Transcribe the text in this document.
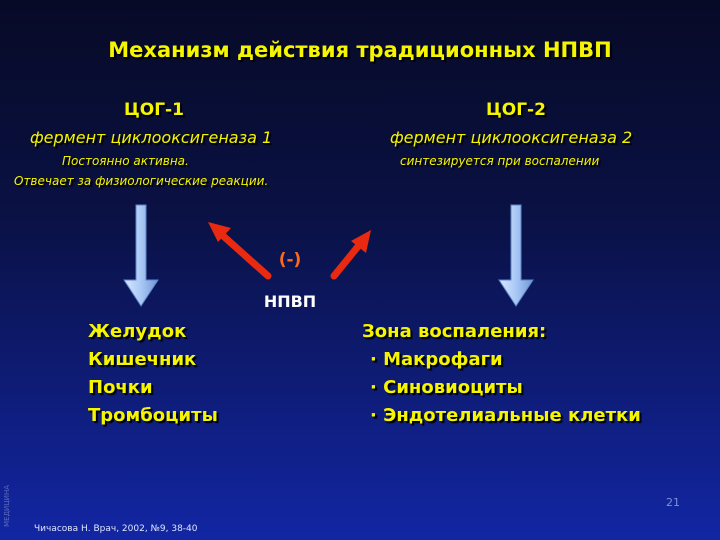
Механизм действия традиционных НПВП
ЦОГ-1
фермент циклооксигеназа 1
Постоянно активна.
Отвечает за физиологические реакции.
ЦОГ-2
фермент циклооксигеназа 2
синтезируется при воспалении
(-)
НПВП
Желудок
Кишечник
Почки
Тромбоциты
Зона воспаления:
· Макрофаги
· Синовиоциты
· Эндотелиальные клетки
21
Чичасова Н. Врач, 2002, №9, 38-40
МЕДИЦИНА
